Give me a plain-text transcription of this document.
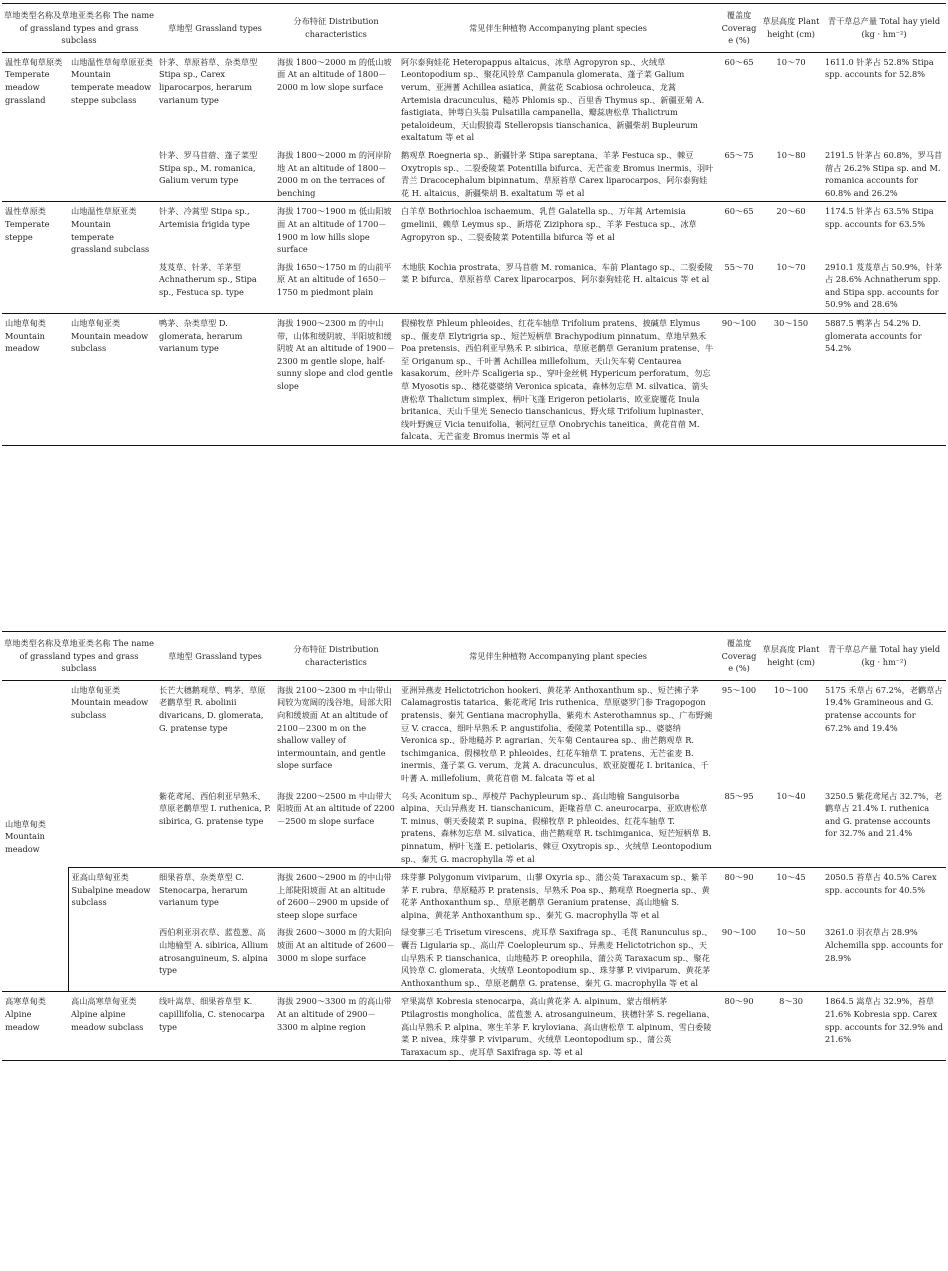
草地类型名称及草地亚类名称 The name of grassland types and grass subclass		草地型 Grassland types	分布特征 Distribution characteristics	常见伴生种植物 Accompanying plant species	覆盖度 Coverage (%)	草层高度 Plant height (cm)	青干草总产量 Total hay yield (kg · hm⁻²)
温性草甸草原类 Temperate meadow grassland	山地温性草甸草原亚类 Mountain temperate meadow steppe subclass	针茅、草原苔草、杂类草型 Stipa sp., Carex liparocarpos, herarum varianum type	海拔 1800～2000 m 的低山坡面 At an altitude of 1800－2000 m low slope surface	阿尔泰狗娃花 Heteropappus altaicus、冰草 Agropyron sp.、火绒草 Leontopodium sp.、聚花风铃草 Campanula glomerata、蓬子菜 Galium verum、亚洲蓍 Achillea asiatica、黄盆花 Scabiosa ochroleuca、龙蒿 Artemisia dracunculus、糙苏 Phlomis sp.、百里香 Thymus sp.、新疆亚菊 A. fastigiata、钟萼白头翁 Pulsatilla campanella、瓣蕊唐松草 Thalictrum petaloideum、天山假狼毒 Stelleropsis tianschanica、新疆柴胡 Bupleurum exaltatum 等 et al	60～65	10～70	1611.0 针茅占 52.8% Stipa spp. accounts for 52.8%
		针茅、罗马苜蓿、蓬子菜型 Stipa sp., M. romanica, Galium verum type	海拔 1800～2000 m 的河岸阶地 At an altitude of 1800－2000 m on the terraces of benching	鹅观草 Roegneria sp.、新疆针茅 Stipa sareptana、羊茅 Festuca sp.、棘豆 Oxytropis sp.、二裂委陵菜 Potentilla bifurca、无芒雀麦 Bromus inermis、羽叶青兰 Dracocephalum bipinnatum、草原苔草 Carex liparocarpos、阿尔泰狗娃花 H. altaicus、新疆柴胡 B. exaltatum 等 et al	65～75	10～80	2191.5 针茅占 60.8%，罗马苜蓿占 26.2% Stipa sp. and M. romanica accounts for 60.8% and 26.2%
温性草原类 Temperate steppe	山地温性草原亚类 Mountain temperate grassland subclass	针茅、冷蒿型 Stipa sp., Artemisia frigida type	海拔 1700～1900 m 低山阳坡面 At an altitude of 1700－1900 m low hills slope surface	白羊草 Bothriochloa ischaemum、乳苣 Galatella sp.、万年蒿 Artemisia gmelinii、赖草 Leymus sp.、新塔花 Ziziphora sp.、羊茅 Festuca sp.、冰草 Agropyron sp.、二裂委陵菜 Potentilla bifurca 等 et al	60～65	20～60	1174.5 针茅占 63.5% Stipa spp. accounts for 63.5%
		芨芨草、针茅、羊茅型 Achnatherum sp., Stipa sp., Festuca sp. type	海拔 1650～1750 m 的山前平原 At an altitude of 1650－1750 m piedmont plain	木地肤 Kochia prostrata、罗马苜蓿 M. romanica、车前 Plantago sp.、二裂委陵菜 P. bifurca、草原苔草 Carex liparocarpos、阿尔泰狗娃花 H. altaicus 等 et al	55～70	10～70	2910.1 芨芨草占 50.9%，针茅占 28.6% Achnatherum spp. and Stipa spp. accounts for 50.9% and 28.6%
山地草甸类 Mountain meadow	山地草甸亚类 Mountain meadow subclass	鸭茅、杂类草型 D. glomerata, herarum varianum type	海拔 1900～2300 m 的中山带，山体和缓阴坡、半阳坡和缓阴坡 At an altitude of 1900－2300 m gentle slope, half-sunny slope and clod gentle slope	假梯牧草 Phleum phleoides、红花车轴草 Trifolium pratens、披碱草 Elymus sp.、偃麦草 Elytrigria sp.、短芒短柄草 Brachypodium pinnatum、草地早熟禾 Poa pretensis、西伯利亚早熟禾 P. sibirica、草原老鹳草 Geranium pratense、牛至 Origanum sp.、千叶蓍 Achillea millefolium、天山矢车菊 Centaurea kasakorum、丝叶芹 Scaligeria sp.、穿叶金丝桃 Hypericum perforatum、勿忘草 Myosotis sp.、穗花婆婆纳 Veronica spicata、森林勿忘草 M. silvatica、箭头唐松草 Thalictum simplex、柄叶飞蓬 Erigeron petiolaris、欧亚旋覆花 Inula britanica、天山千里光 Senecio tianschanicus、野火球 Trifolium lupinaster、线叶野豌豆 Vicia tenuifolia、顿河红豆草 Onobrychis taneitica、黄花苜蓿 M. falcata、无芒雀麦 Bromus inermis 等 et al	90～100	30～150	5887.5 鸭茅占 54.2% D. glomerata accounts for 54.2%
草地类型名称及草地亚类名称 The name of grassland types and grass subclass		草地型 Grassland types	分布特征 Distribution characteristics	常见伴生种植物 Accompanying plant species	覆盖度 Coverage (%)	草层高度 Plant height (cm)	青干草总产量 Total hay yield (kg · hm⁻²)
山地草甸类 Mountain meadow	山地草甸亚类 Mountain meadow subclass	长芒大穗鹅观草、鸭茅、草原老鹳草型 R. abolinii divaricans, D. glomerata, G. pratense type	海拔 2100～2300 m 中山带山间较为宽阔的浅谷地，局部大阳向和缓坡面 At an altitude of 2100－2300 m on the shallow valley of intermountain, and gentle slope surface	亚洲异燕麦 Helictotrichon hookeri、黄花茅 Anthoxanthum sp.、短芒拂子茅 Calamagrostis tatarica、紫花鸢尾 Iris ruthenica、草原婆罗门参 Tragopogon pratensis、秦艽 Gentiana macrophylla、紫苑木 Asterothamnus sp.、广布野豌豆 V. cracca、细叶早熟禾 P. angustifolia、委陵菜 Potentilla sp.、婆婆纳 Veronica sp.、卧地糙苏 P. agrarian、矢车菊 Centaurea sp.、曲芒鹅观草 R. tschimganica、假梯牧草 P. phleoides、红花车轴草 T. pratens、无芒雀麦 B. inermis、蓬子菜 G. verum、龙蒿 A. dracunculus、欧亚旋覆花 I. britanica、千叶蓍 A. millefolium、黄花苜蓿 M. falcata 等 et al	95～100	10～100	5175 禾草占 67.2%，老鹳草占 19.4% Gramineous and G. pratense accounts for 67.2% and 19.4%
		紫花鸢尾、西伯利亚早熟禾、草原老鹳草型 I. ruthenica, P. sibirica, G. pratense type	海拔 2200～2500 m 中山带大阳坡面 At an altitude of 2200－2500 m slope surface	乌头 Aconitum sp.、厚棱芹 Pachypleurum sp.、高山地榆 Sanguisorba alpina、天山异燕麦 H. tianschanicum、距喙苔草 C. aneurocarpa、亚欧唐松草 T. minus、朝天委陵菜 P. supina、假梯牧草 P. phleoides、红花车轴草 T. pratens、森林勿忘草 M. silvatica、曲芒鹅观草 R. tschimganica、短芒短柄草 B. pinnatum、柄叶飞蓬 E. petiolaris、棘豆 Oxytropis sp.、火绒草 Leontopodium sp.、秦艽 G. macrophylla 等 et al	85～95	10～40	3250.5 紫花鸢尾占 32.7%，老鹳草占 21.4% I. ruthenica and G. pratense accounts for 32.7% and 21.4%
	亚高山草甸亚类 Subalpine meadow subclass	细果苔草、杂类草型 C. Stenocarpa, herarum varianum type	海拔 2600～2900 m 的中山带上部陡阳坡面 At an altitude of 2600－2900 m upside of steep slope surface	珠芽蓼 Polygonum viviparum、山蓼 Oxyria sp.、蒲公英 Taraxacum sp.、紫羊茅 F. rubra、草原糙苏 P. pratensis、早熟禾 Poa sp.、鹅观草 Roegneria sp.、黄花茅 Anthoxanthum sp.、草原老鹳草 Geranium pratense、高山地榆 S. alpina、黄花茅 Anthoxanthum sp.、秦艽 G. macrophylla 等 et al	80～90	10～45	2050.5 苔草占 40.5% Carex spp. accounts for 40.5%
		西伯利亚羽衣草、蓝苞葱、高山地榆型 A. sibirica, Allium atrosanguineum, S. alpina type	海拔 2600～3000 m 的大阳向坡面 At an altitude of 2600－3000 m slope surface	绿变蓼三毛 Trisetum virescens、虎耳草 Saxifraga sp.、毛茛 Ranunculus sp.、囊吾 Ligularia sp.、高山芹 Coelopleurum sp.、异燕麦 Helictotrichon sp.、天山早熟禾 P. tianschanica、山地糙苏 P. oreophila、蒲公英 Taraxacum sp.、聚花风铃草 C. glomerata、火绒草 Leontopodium sp.、珠芽蓼 P. viviparum、黄花茅 Anthoxanthum sp.、草原老鹳草 G. pratense、秦艽 G. macrophylla 等 et al	90～100	10～50	3261.0 羽衣草占 28.9% Alchemilla spp. accounts for 28.9%
高寒草甸类 Alpine meadow	高山高寒草甸亚类 Alpine alpine meadow subclass	线叶嵩草、细果苔草型 K. capillifolia, C. stenocarpa type	海拔 2900～3300 m 的高山带 At an altitude of 2900－3300 m alpine region	窄果嵩草 Kobresia stenocarpa、高山黄花茅 A. alpinum、蒙古细柄茅 Ptilagrostis mongholica、蓝苞葱 A. atrosanguineum、狭穗针茅 S. regeliana、高山早熟禾 P. alpina、寒生羊茅 F. kryloviana、高山唐松草 T. alpinum、雪白委陵菜 P. nivea、珠芽蓼 P. viviparum、火绒草 Leontopodium sp.、蒲公英 Taraxacum sp.、虎耳草 Saxifraga sp. 等 et al	80～90	8～30	1864.5 嵩草占 32.9%，苔草 21.6% Kobresia spp. Carex spp. accounts for 32.9% and 21.6%
